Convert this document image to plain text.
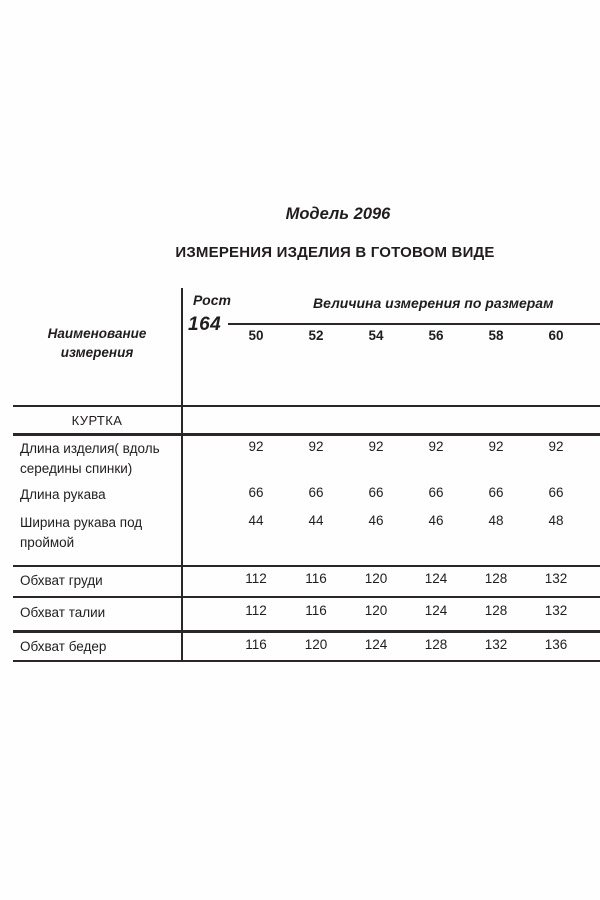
Модель 2096
ИЗМЕРЕНИЯ ИЗДЕЛИЯ В ГОТОВОМ ВИДЕ
Наименование
измерения
Рост
164
Величина измерения по размерам
50	52	54	56	58	60
КУРТКА
Длина изделия( вдоль
середины спинки)
92	92	92	92	92	92
Длина рукава	66	66	66	66	66	66
Ширина рукава под
проймой
44	44	46	46	48	48
Обхват груди	112	116	120	124	128	132
Обхват талии	112	116	120	124	128	132
Обхват бедер	116	120	124	128	132	136
